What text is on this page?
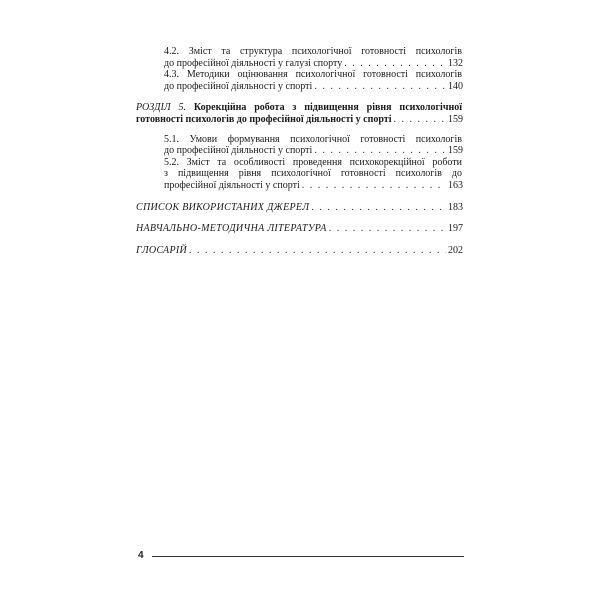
4.2. Зміст та структура психологічної готовності психологів
до професійної діяльності у галузі спорту . . .	132
4.3. Методики оцінювання психологічної готовності психологів
до професійної діяльності у спорті . . .	140
РОЗДІЛ 5. Корекційна робота з підвищення рівня психологічної
готовності психологів до професійної діяльності у спорті . . .	159
5.1. Умови формування психологічної готовності психологів
до професійної діяльності у спорті . . .	159
5.2. Зміст та особливості проведення психокорекційної роботи
з підвищення рівня психологічної готовності психологів до
професійної діяльності у спорті . . .	163
СПИСОК ВИКОРИСТАНИХ ДЖЕРЕЛ . . .	183
НАВЧАЛЬНО-МЕТОДИЧНА ЛІТЕРАТУРА . . .	197
ГЛОСАРІЙ . . .	202
4
